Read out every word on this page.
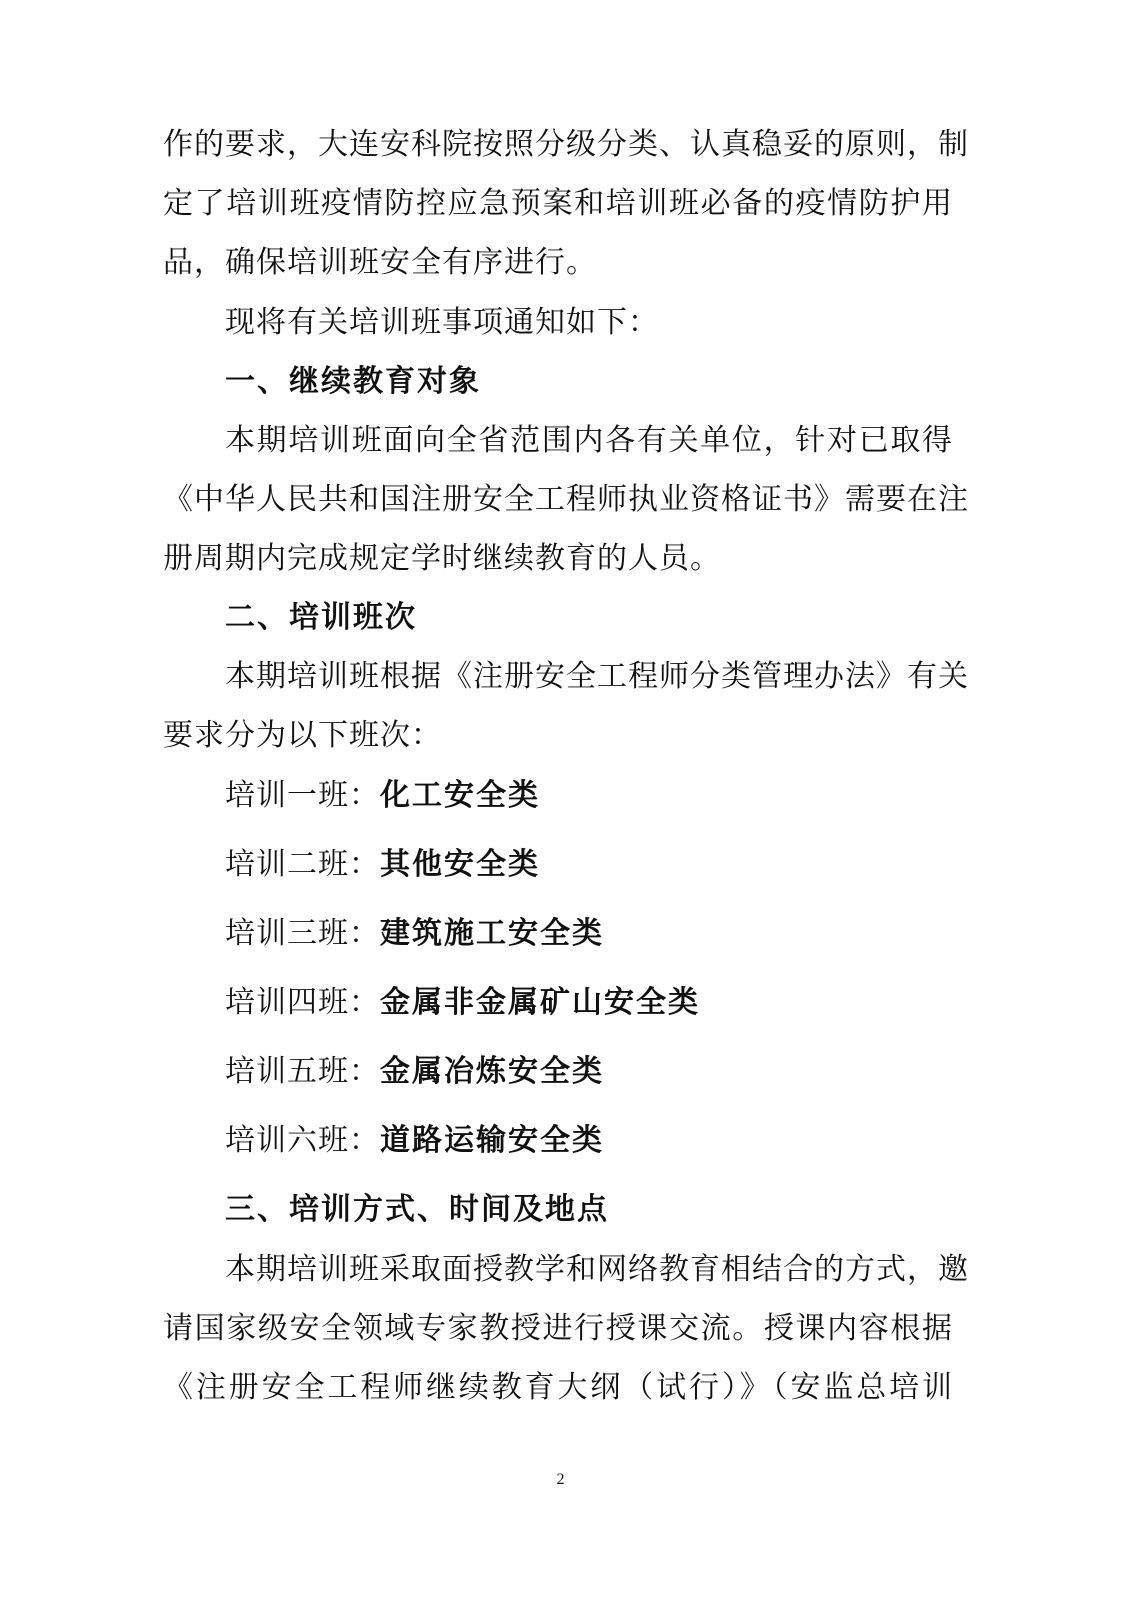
作的要求，大连安科院按照分级分类、认真稳妥的原则，制
定了培训班疫情防控应急预案和培训班必备的疫情防护用
品，确保培训班安全有序进行。
现将有关培训班事项通知如下：
一、继续教育对象
本期培训班面向全省范围内各有关单位，针对已取得
《中华人民共和国注册安全工程师执业资格证书》需要在注
册周期内完成规定学时继续教育的人员。
二、培训班次
本期培训班根据《注册安全工程师分类管理办法》有关
要求分为以下班次：
培训一班：化工安全类
培训二班：其他安全类
培训三班：建筑施工安全类
培训四班：金属非金属矿山安全类
培训五班：金属冶炼安全类
培训六班：道路运输安全类
三、培训方式、时间及地点
本期培训班采取面授教学和网络教育相结合的方式，邀
请国家级安全领域专家教授进行授课交流。授课内容根据
《注册安全工程师继续教育大纲（试行）》（安监总培训
2
